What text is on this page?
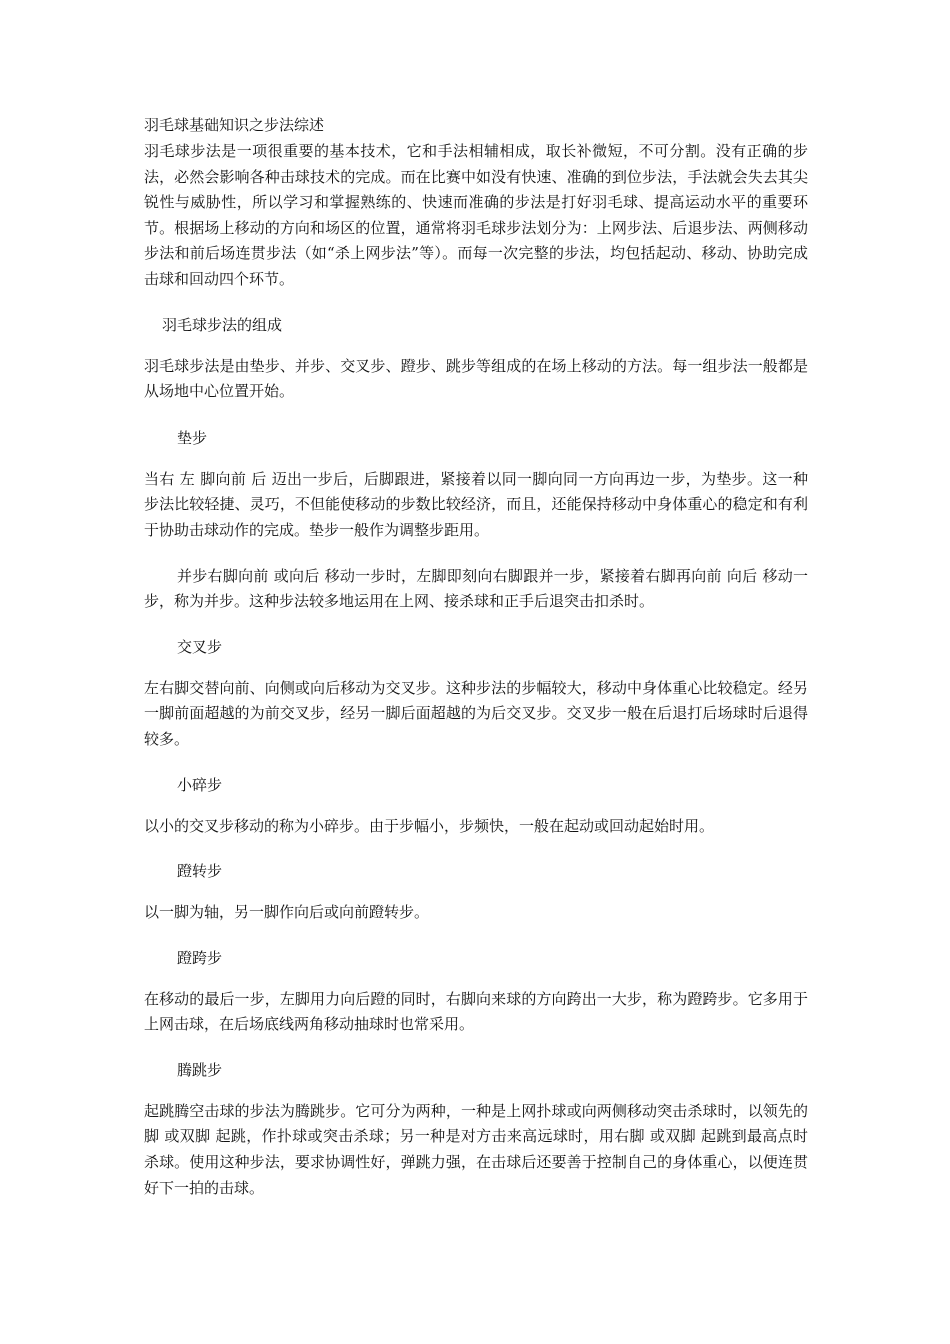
羽毛球基础知识之步法综述

羽毛球步法是一项很重要的基本技术，它和手法相辅相成，取长补微短，不可分割。没有正确的步法，必然会影响各种击球技术的完成。而在比赛中如没有快速、准确的到位步法，手法就会失去其尖锐性与威胁性，所以学习和掌握熟练的、快速而准确的步法是打好羽毛球、提高运动水平的重要环节。根据场上移动的方向和场区的位置，通常将羽毛球步法划分为：上网步法、后退步法、两侧移动步法和前后场连贯步法（如“杀上网步法”等）。而每一次完整的步法，均包括起动、移动、协助完成击球和回动四个环节。

羽毛球步法的组成

羽毛球步法是由垫步、并步、交叉步、蹬步、跳步等组成的在场上移动的方法。每一组步法一般都是从场地中心位置开始。

垫步

当右 左 脚向前 后 迈出一步后，后脚跟进，紧接着以同一脚向同一方向再边一步，为垫步。这一种步法比较轻捷、灵巧，不但能使移动的步数比较经济，而且，还能保持移动中身体重心的稳定和有利于协助击球动作的完成。垫步一般作为调整步距用。

并步右脚向前 或向后 移动一步时，左脚即刻向右脚跟并一步，紧接着右脚再向前 向后 移动一步，称为并步。这种步法较多地运用在上网、接杀球和正手后退突击扣杀时。

交叉步

左右脚交替向前、向侧或向后移动为交叉步。这种步法的步幅较大，移动中身体重心比较稳定。经另一脚前面超越的为前交叉步，经另一脚后面超越的为后交叉步。交叉步一般在后退打后场球时后退得较多。

小碎步

以小的交叉步移动的称为小碎步。由于步幅小，步频快，一般在起动或回动起始时用。

蹬转步

以一脚为轴，另一脚作向后或向前蹬转步。

蹬跨步

在移动的最后一步，左脚用力向后蹬的同时，右脚向来球的方向跨出一大步，称为蹬跨步。它多用于上网击球，在后场底线两角移动抽球时也常采用。

腾跳步

起跳腾空击球的步法为腾跳步。它可分为两种，一种是上网扑球或向两侧移动突击杀球时，以领先的脚 或双脚 起跳，作扑球或突击杀球；另一种是对方击来高远球时，用右脚 或双脚 起跳到最高点时杀球。使用这种步法，要求协调性好，弹跳力强，在击球后还要善于控制自己的身体重心，以便连贯好下一拍的击球。
